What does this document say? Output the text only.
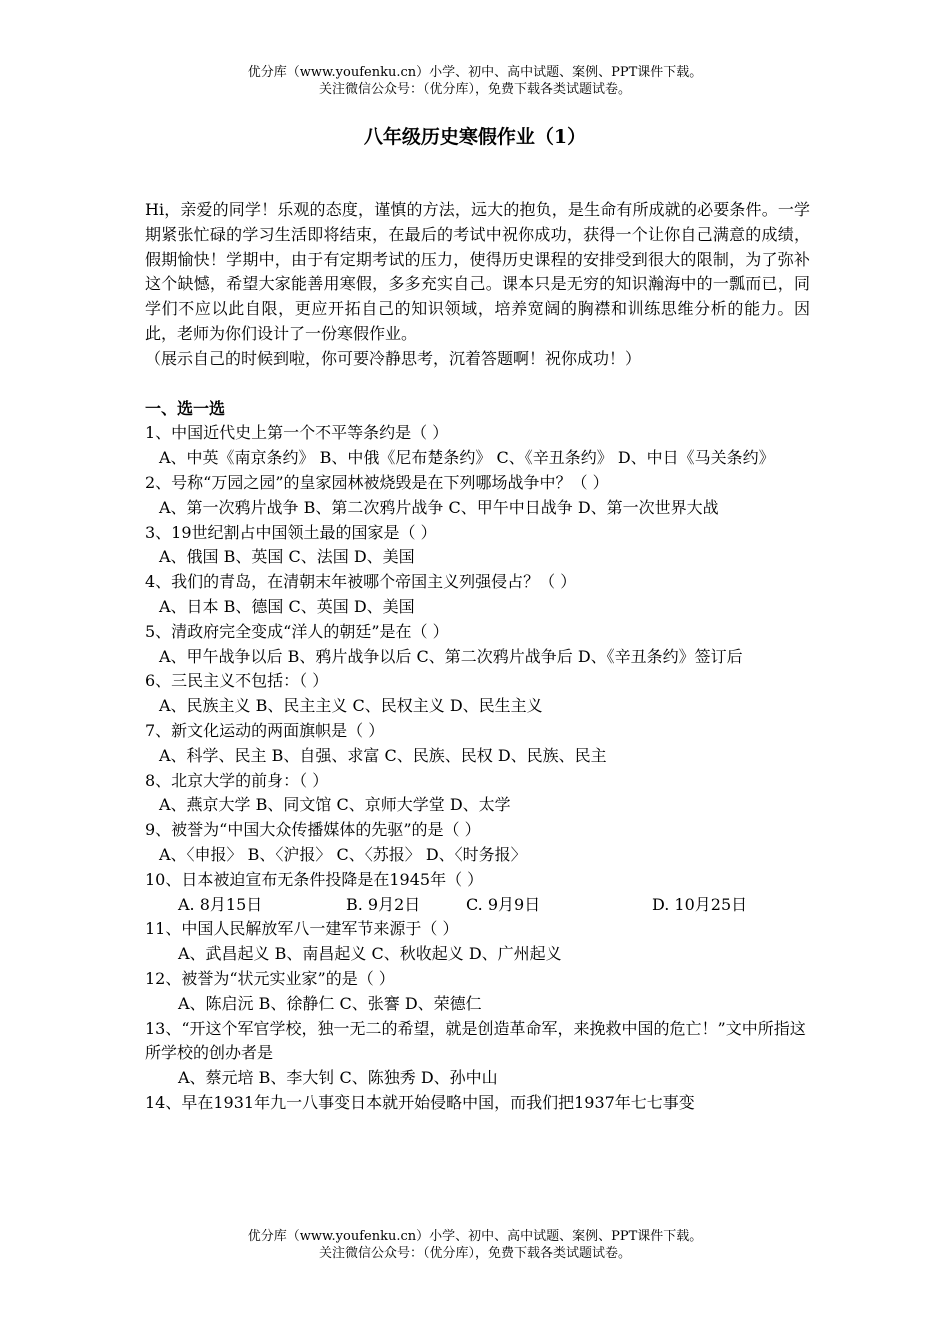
优分库（www.youfenku.cn）小学、初中、高中试题、案例、PPT课件下载。
关注微信公众号：（优分库），免费下载各类试题试卷。
八年级历史寒假作业（1）

Hi，亲爱的同学！乐观的态度，谨慎的方法，远大的抱负，是生命有所成就的必要条件。一学期紧张忙碌的学习生活即将结束，在最后的考试中祝你成功，获得一个让你自己满意的成绩，假期愉快！学期中，由于有定期考试的压力，使得历史课程的安排受到很大的限制，为了弥补这个缺憾，希望大家能善用寒假，多多充实自己。课本只是无穷的知识瀚海中的一瓢而已，同学们不应以此自限，更应开拓自己的知识领域，培养宽阔的胸襟和训练思维分析的能力。因此，老师为你们设计了一份寒假作业。

（展示自己的时候到啦，你可要冷静思考，沉着答题啊！祝你成功！）

一、选一选

1、中国近代史上第一个不平等条约是（ ）

A、中英《南京条约》 B、中俄《尼布楚条约》 C、《辛丑条约》 D、中日《马关条约》

2、号称“万园之园”的皇家园林被烧毁是在下列哪场战争中？（ ）

A、第一次鸦片战争 B、第二次鸦片战争 C、甲午中日战争 D、第一次世界大战

3、19世纪割占中国领土最的国家是（ ）

A、俄国 B、英国 C、法国 D、美国

4、我们的青岛，在清朝末年被哪个帝国主义列强侵占？（ ）

A、日本 B、德国 C、英国 D、美国

5、清政府完全变成“洋人的朝廷”是在（ ）

A、甲午战争以后 B、鸦片战争以后 C、第二次鸦片战争后 D、《辛丑条约》签订后

6、三民主义不包括：（ ）

A、民族主义 B、民主主义 C、民权主义 D、民生主义

7、新文化运动的两面旗帜是（ ）

A、科学、民主 B、自强、求富 C、民族、民权 D、民族、民主

8、北京大学的前身：（ ）

A、燕京大学 B、同文馆 C、京师大学堂 D、太学

9、被誉为“中国大众传播媒体的先驱”的是（ ）

A、〈申报〉 B、〈沪报〉 C、〈苏报〉 D、〈时务报〉

10、日本被迫宣布无条件投降是在1945年（ ）

A. 8月15日	B. 9月2日	C. 9月9日	D. 10月25日

11、中国人民解放军八一建军节来源于（ ）

A、武昌起义 B、南昌起义 C、秋收起义 D、广州起义

12、被誉为“状元实业家”的是（ ）

A、陈启沅 B、徐静仁 C、张謇 D、荣德仁

13、“开这个军官学校，独一无二的希望，就是创造革命军，来挽救中国的危亡！”文中所指这所学校的创办者是

A、蔡元培 B、李大钊 C、陈独秀 D、孙中山

14、早在1931年九一八事变日本就开始侵略中国，而我们把1937年七七事变

优分库（www.youfenku.cn）小学、初中、高中试题、案例、PPT课件下载。
关注微信公众号：（优分库），免费下载各类试题试卷。
